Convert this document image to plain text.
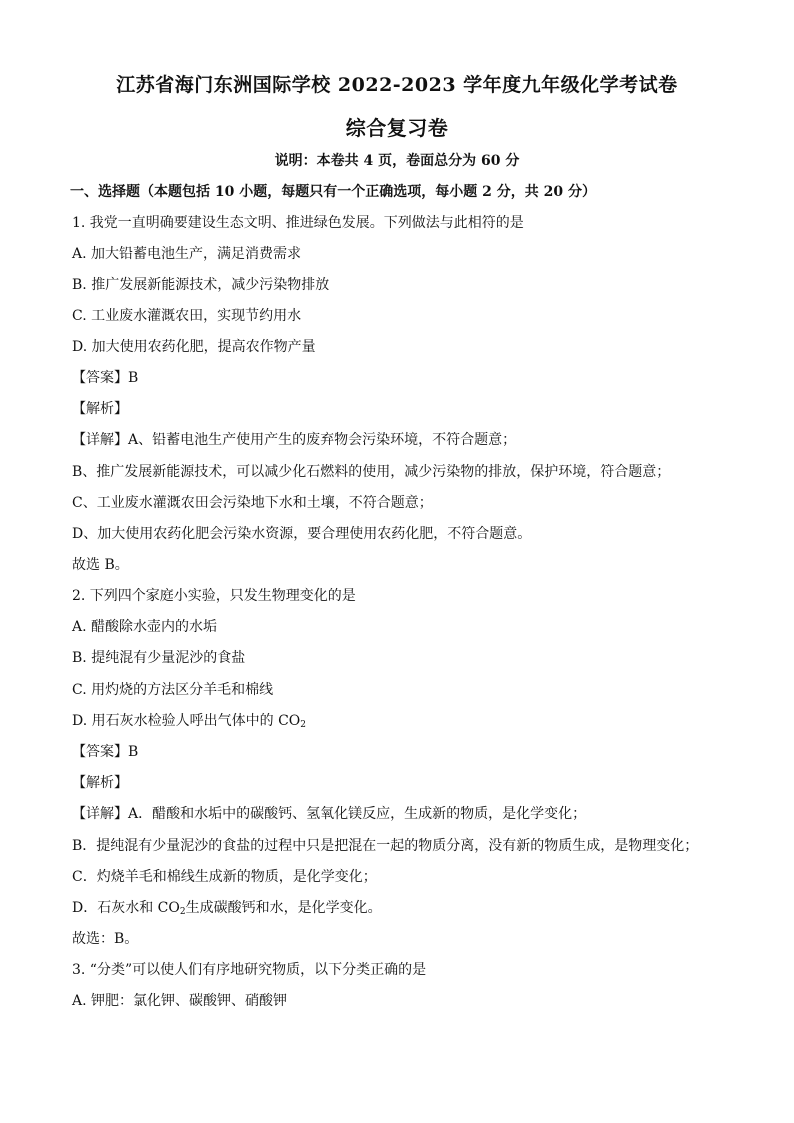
江苏省海门东洲国际学校 2022-2023 学年度九年级化学考试卷
综合复习卷
说明：本卷共 4 页，卷面总分为 60 分
一、选择题（本题包括 10 小题，每题只有一个正确选项，每小题 2 分，共 20 分）
1. 我党一直明确要建设生态文明、推进绿色发展。下列做法与此相符的是
A. 加大铅蓄电池生产，满足消费需求
B. 推广发展新能源技术，减少污染物排放
C. 工业废水灌溉农田，实现节约用水
D. 加大使用农药化肥，提高农作物产量
【答案】B
【解析】
【详解】A、铅蓄电池生产使用产生的废弃物会污染环境，不符合题意；
B、推广发展新能源技术，可以减少化石燃料的使用，减少污染物的排放，保护环境，符合题意；
C、工业废水灌溉农田会污染地下水和土壤，不符合题意；
D、加大使用农药化肥会污染水资源，要合理使用农药化肥，不符合题意。
故选 B。
2. 下列四个家庭小实验，只发生物理变化的是
A. 醋酸除水壶内的水垢
B. 提纯混有少量泥沙的食盐
C. 用灼烧的方法区分羊毛和棉线
D. 用石灰水检验人呼出气体中的 $CO_2$
【答案】B
【解析】
【详解】A．醋酸和水垢中的碳酸钙、氢氧化镁反应，生成新的物质，是化学变化；
B．提纯混有少量泥沙的食盐的过程中只是把混在一起的物质分离，没有新的物质生成，是物理变化；
C．灼烧羊毛和棉线生成新的物质，是化学变化；
D．石灰水和 $CO_2$生成碳酸钙和水，是化学变化。
故选：B。
3. “分类”可以使人们有序地研究物质，以下分类正确的是
A. 钾肥：氯化钾、碳酸钾、硝酸钾
